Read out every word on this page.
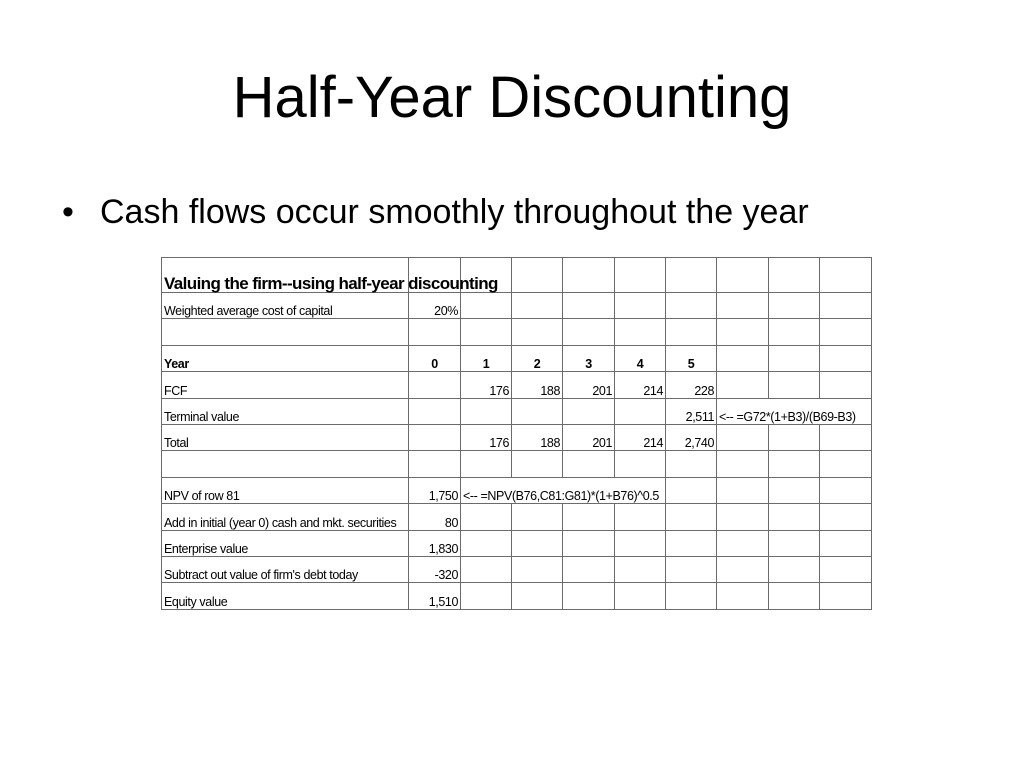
Half-Year Discounting
• Cash flows occur smoothly throughout the year
Valuing the firm--using half-year discounting									
Weighted average cost of capital	20%								

Year	0	1	2	3	4	5			
FCF		176	188	201	214	228			
Terminal value						2,511	<-- =G72*(1+B3)/(B69-B3)		
Total		176	188	201	214	2,740			

NPV of row 81	1,750	<-- =NPV(B76,C81:G81)*(1+B76)^0.5							
Add in initial (year 0) cash and mkt. securities	80								
Enterprise value	1,830								
Subtract out value of firm's debt today	-320								
Equity value	1,510								
